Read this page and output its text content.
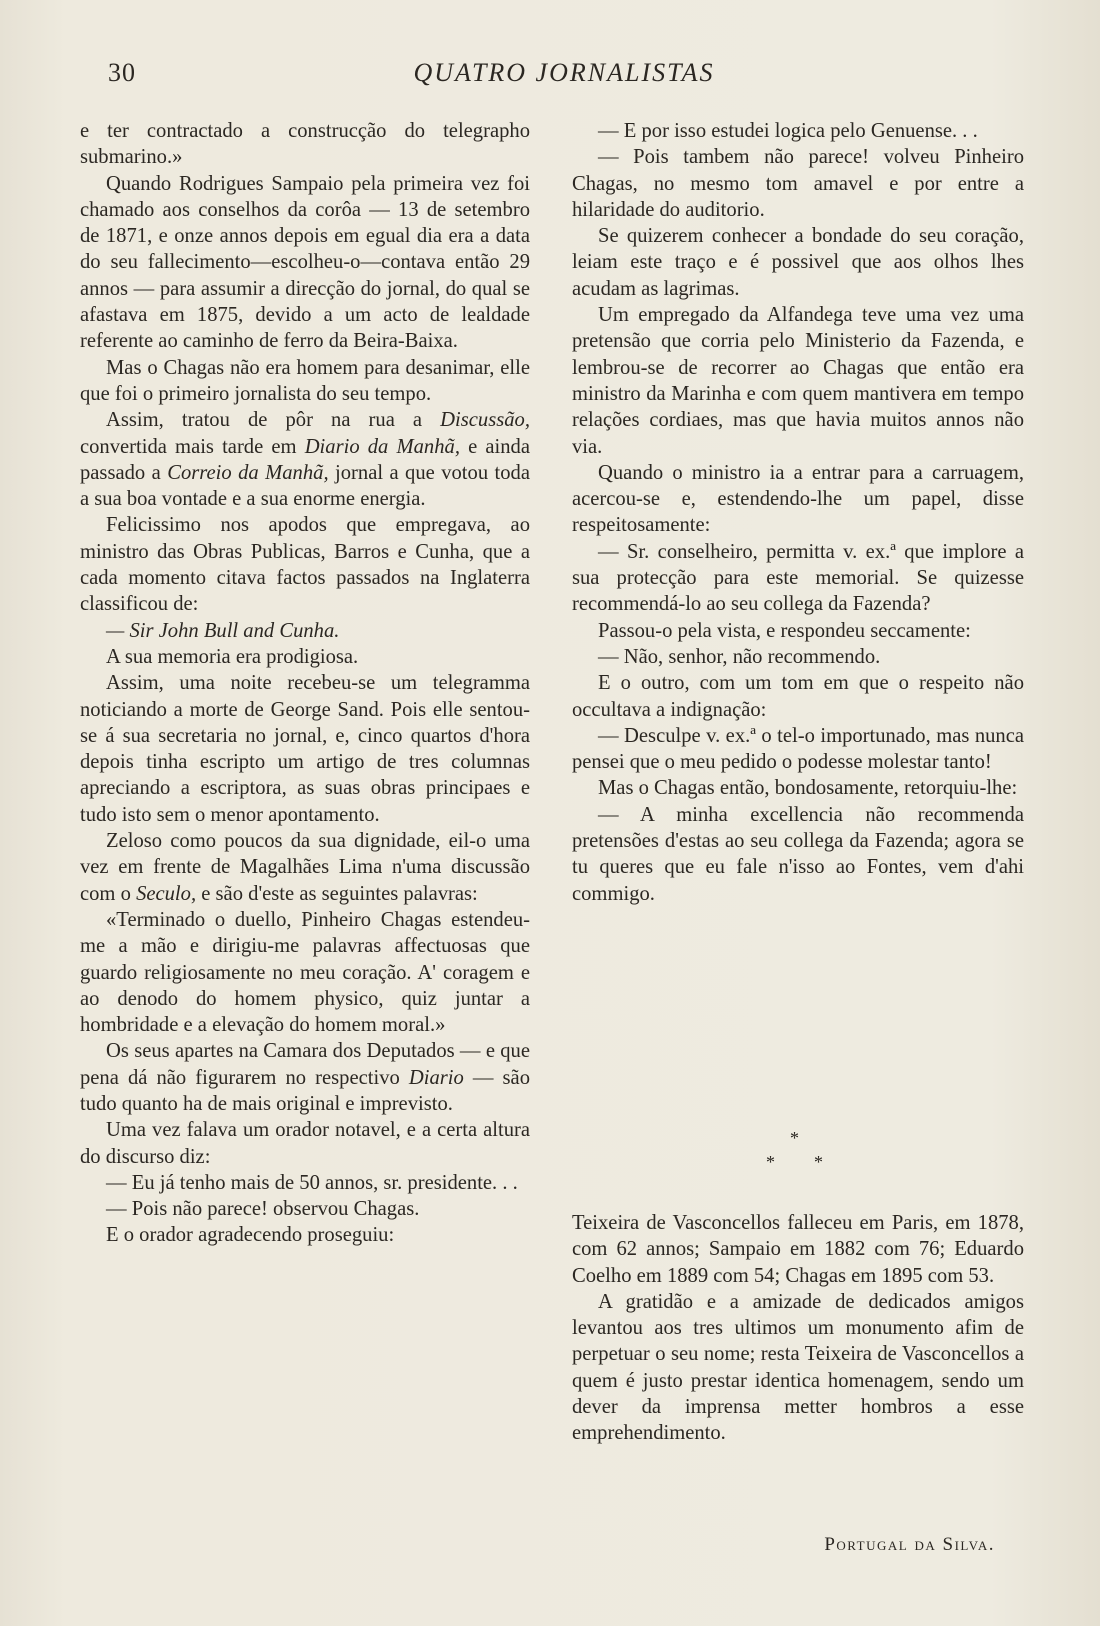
30	QUATRO JORNALISTAS

e ter contractado a construcção do telegrapho submarino.»

Quando Rodrigues Sampaio pela primeira vez foi chamado aos conselhos da corôa — 13 de setembro de 1871, e onze annos depois em egual dia era a data do seu fallecimento—escolheu-o—contava então 29 annos — para assumir a direcção do jornal, do qual se afastava em 1875, devido a um acto de lealdade referente ao caminho de ferro da Beira-Baixa.

Mas o Chagas não era homem para desanimar, elle que foi o primeiro jornalista do seu tempo.

Assim, tratou de pôr na rua a Discussão, convertida mais tarde em Diario da Manhã, e ainda passado a Correio da Manhã, jornal a que votou toda a sua boa vontade e a sua enorme energia.

Felicissimo nos apodos que empregava, ao ministro das Obras Publicas, Barros e Cunha, que a cada momento citava factos passados na Inglaterra classificou de:

— Sir John Bull and Cunha.

A sua memoria era prodigiosa.

Assim, uma noite recebeu-se um telegramma noticiando a morte de George Sand. Pois elle sentou-se á sua secretaria no jornal, e, cinco quartos d'hora depois tinha escripto um artigo de tres columnas apreciando a escriptora, as suas obras principaes e tudo isto sem o menor apontamento.

Zeloso como poucos da sua dignidade, eil-o uma vez em frente de Magalhães Lima n'uma discussão com o Seculo, e são d'este as seguintes palavras:

«Terminado o duello, Pinheiro Chagas estendeu-me a mão e dirigiu-me palavras affectuosas que guardo religiosamente no meu coração. A' coragem e ao denodo do homem physico, quiz juntar a hombridade e a elevação do homem moral.»

Os seus apartes na Camara dos Deputados — e que pena dá não figurarem no respectivo Diario — são tudo quanto ha de mais original e imprevisto.

Uma vez falava um orador notavel, e a certa altura do discurso diz:

— Eu já tenho mais de 50 annos, sr. presidente. . .

— Pois não parece! observou Chagas.

E o orador agradecendo proseguiu:

— E por isso estudei logica pelo Genuense. . .

— Pois tambem não parece! volveu Pinheiro Chagas, no mesmo tom amavel e por entre a hilaridade do auditorio.

Se quizerem conhecer a bondade do seu coração, leiam este traço e é possivel que aos olhos lhes acudam as lagrimas.

Um empregado da Alfandega teve uma vez uma pretensão que corria pelo Ministerio da Fazenda, e lembrou-se de recorrer ao Chagas que então era ministro da Marinha e com quem mantivera em tempo relações cordiaes, mas que havia muitos annos não via.

Quando o ministro ia a entrar para a carruagem, acercou-se e, estendendo-lhe um papel, disse respeitosamente:

— Sr. conselheiro, permitta v. ex.ª que implore a sua protecção para este memorial. Se quizesse recommendá-lo ao seu collega da Fazenda?

Passou-o pela vista, e respondeu seccamente:

— Não, senhor, não recommendo.

E o outro, com um tom em que o respeito não occultava a indignação:

— Desculpe v. ex.ª o tel-o importunado, mas nunca pensei que o meu pedido o podesse molestar tanto!

Mas o Chagas então, bondosamente, retorquiu-lhe:

— A minha excellencia não recommenda pretensões d'estas ao seu collega da Fazenda; agora se tu queres que eu fale n'isso ao Fontes, vem d'ahi commigo.

*
* *

Teixeira de Vasconcellos falleceu em Paris, em 1878, com 62 annos; Sampaio em 1882 com 76; Eduardo Coelho em 1889 com 54; Chagas em 1895 com 53.

A gratidão e a amizade de dedicados amigos levantou aos tres ultimos um monumento afim de perpetuar o seu nome; resta Teixeira de Vasconcellos a quem é justo prestar identica homenagem, sendo um dever da imprensa metter hombros a esse emprehendimento.

Portugal da Silva.
